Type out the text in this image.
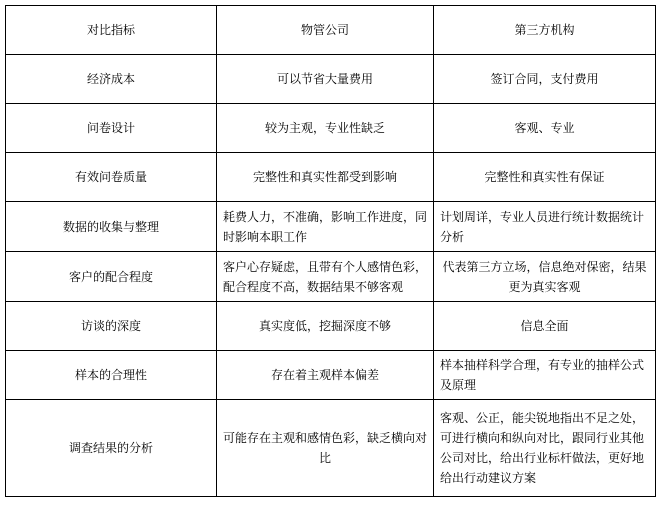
对比指标	物管公司	第三方机构
经济成本	可以节省大量费用	签订合同，支付费用
问卷设计	较为主观，专业性缺乏	客观、专业
有效问卷质量	完整性和真实性都受到影响	完整性和真实性有保证
数据的收集与整理	耗费人力，不准确，影响工作进度，同时影响本职工作	计划周详，专业人员进行统计数据统计分析
客户的配合程度	客户心存疑虑，且带有个人感情色彩，配合程度不高，数据结果不够客观	代表第三方立场，信息绝对保密，结果更为真实客观
访谈的深度	真实度低，挖掘深度不够	信息全面
样本的合理性	存在着主观样本偏差	样本抽样科学合理，有专业的抽样公式及原理
调查结果的分析	可能存在主观和感情色彩，缺乏横向对比	客观、公正，能尖锐地指出不足之处，可进行横向和纵向对比，跟同行业其他公司对比，给出行业标杆做法，更好地给出行动建议方案
